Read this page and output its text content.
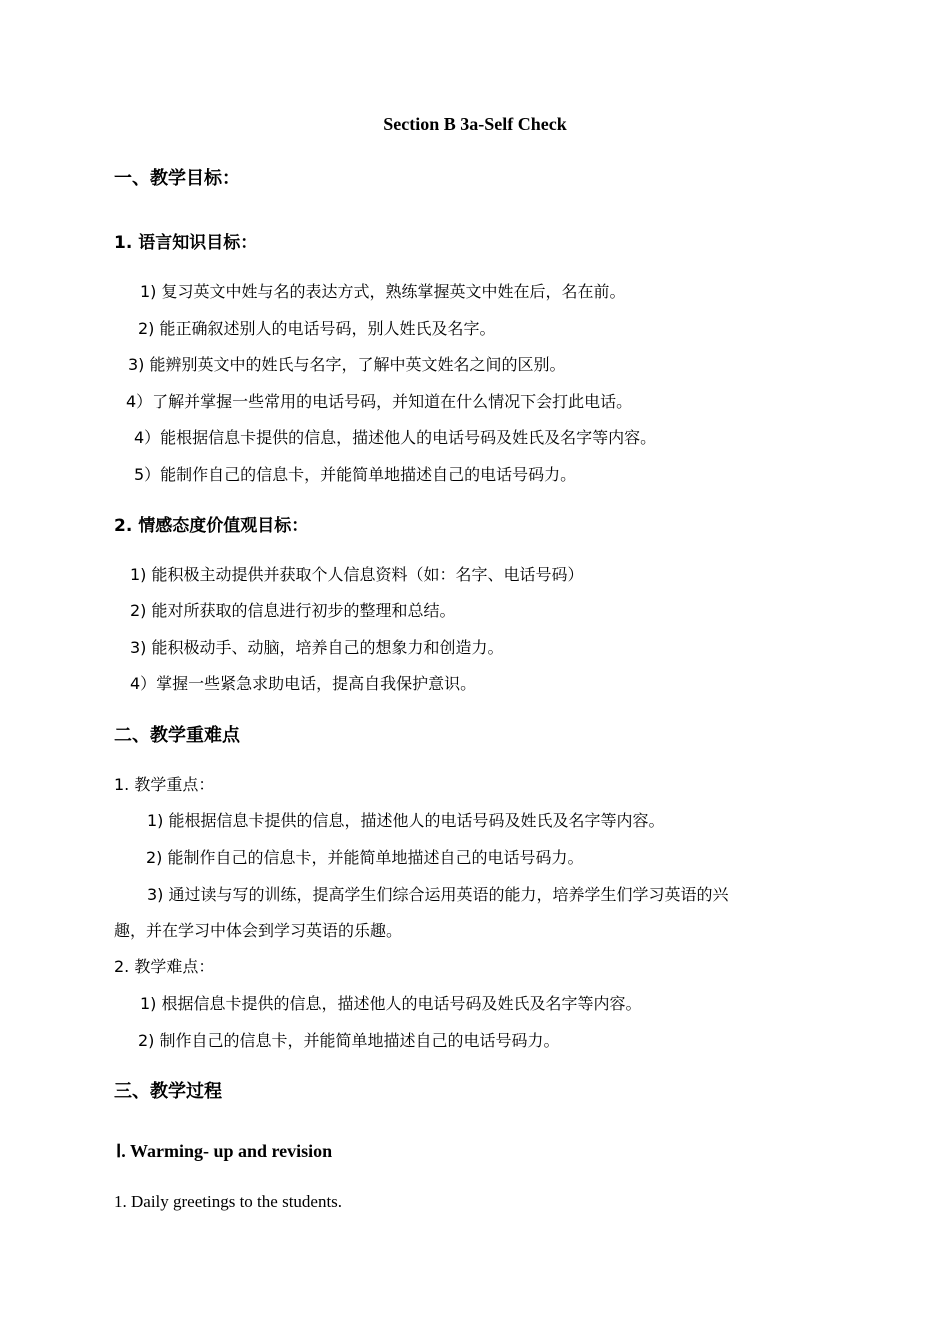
Section B 3a-Self Check
一、教学目标：
1. 语言知识目标：
1) 复习英文中姓与名的表达方式，熟练掌握英文中姓在后，名在前。
2) 能正确叙述别人的电话号码，别人姓氏及名字。
3) 能辨别英文中的姓氏与名字，了解中英文姓名之间的区别。
4）了解并掌握一些常用的电话号码，并知道在什么情况下会打此电话。
4）能根据信息卡提供的信息，描述他人的电话号码及姓氏及名字等内容。
5）能制作自己的信息卡，并能简单地描述自己的电话号码力。
2. 情感态度价值观目标：
1) 能积极主动提供并获取个人信息资料（如：名字、电话号码）
2) 能对所获取的信息进行初步的整理和总结。
3) 能积极动手、动脑，培养自己的想象力和创造力。
4）掌握一些紧急求助电话，提高自我保护意识。
二、教学重难点
1. 教学重点：
1) 能根据信息卡提供的信息，描述他人的电话号码及姓氏及名字等内容。
2) 能制作自己的信息卡，并能简单地描述自己的电话号码力。
3) 通过读与写的训练，提高学生们综合运用英语的能力，培养学生们学习英语的兴
趣，并在学习中体会到学习英语的乐趣。
2. 教学难点：
1) 根据信息卡提供的信息，描述他人的电话号码及姓氏及名字等内容。
2) 制作自己的信息卡，并能简单地描述自己的电话号码力。
三、教学过程
Ⅰ. Warming- up and revision
1. Daily greetings to the students.
